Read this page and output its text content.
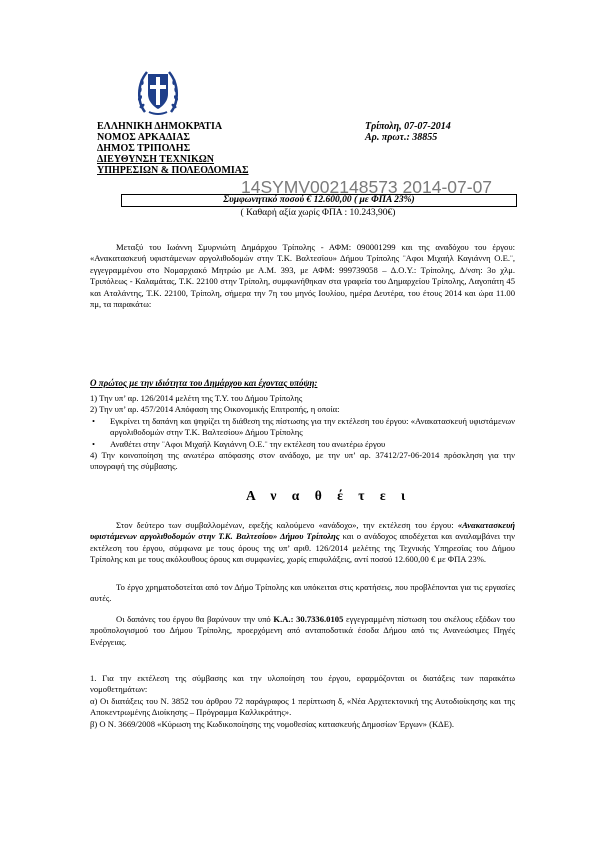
ΕΛΛΗΝΙΚΗ ΔΗΜΟΚΡΑΤΙΑ
ΝΟΜΟΣ ΑΡΚΑΔΙΑΣ
ΔΗΜΟΣ ΤΡΙΠΟΛΗΣ
ΔΙΕΥΘΥΝΣΗ ΤΕΧΝΙΚΩΝ
ΥΠΗΡΕΣΙΩΝ & ΠΟΛΕΟΔΟΜΙΑΣ
Τρίπολη, 07-07-2014
Αρ. πρωτ.: 38855
14SYMV002148573 2014-07-07
Συμφωνητικό ποσού € 12.600,00 ( με ΦΠΑ 23%)
( Καθαρή αξία χωρίς ΦΠΑ : 10.243,90€)
Μεταξύ του Ιωάννη Σμυρνιώτη Δημάρχου Τρίπολης - ΑΦΜ: 090001299 και της αναδόχου του έργου: «Ανακατασκευή υφιστάμενων αργολιθοδομών στην Τ.Κ. Βαλτεσίου» Δήμου Τρίπολης ¨Αφοι Μιχαήλ Καγιάννη Ο.Ε.¨, εγγεγραμμένου στο Νομαρχιακό Μητρώο με Α.Μ. 393, με ΑΦΜ: 999739058 – Δ.Ο.Υ.: Τρίπολης, Δ/νση: 3ο χλμ. Τριπόλεως - Καλαμάτας, Τ.Κ. 22100 στην Τρίπολη, συμφωνήθηκαν στα γραφεία του Δημαρχείου Τρίπολης, Λαγοπάτη 45 και Αταλάντης, Τ.Κ. 22100, Τρίπολη, σήμερα την 7η του μηνός Ιουλίου, ημέρα Δευτέρα, του έτους 2014 και ώρα 11.00 πμ, τα παρακάτω:
Ο πρώτος με την ιδιότητα του Δημάρχου και έχοντας υπόψη:
1) Την υπ’ αρ. 126/2014 μελέτη της Τ.Υ. του Δήμου Τρίπολης
2) Την υπ’ αρ. 457/2014 Απόφαση της Οικονομικής Επιτροπής, η οποία:
•	Εγκρίνει τη δαπάνη και ψηφίζει τη διάθεση της πίστωσης για την εκτέλεση του έργου: «Ανακατασκευή υφιστάμενων αργολιθοδομών στην Τ.Κ. Βαλτεσίου» Δήμου Τρίπολης
•	Αναθέτει στην ¨Αφοι Μιχαήλ Καγιάννη Ο.Ε.¨ την εκτέλεση του ανωτέρω έργου
4) Την κοινοποίηση της ανωτέρω απόφασης στον ανάδοχο, με την υπ’ αρ. 37412/27-06-2014 πρόσκληση για την υπογραφή της σύμβασης.
Α ν α θ έ τ ε ι
Στον δεύτερο των συμβαλλομένων, εφεξής καλούμενο «ανάδοχο», την εκτέλεση του έργου: «Ανακατασκευή υφιστάμενων αργολιθοδομών στην Τ.Κ. Βαλτεσίου» Δήμου Τρίπολης και ο ανάδοχος αποδέχεται και αναλαμβάνει την εκτέλεση του έργου, σύμφωνα με τους όρους της υπ’ αριθ. 126/2014 μελέτης της Τεχνικής Υπηρεσίας του Δήμου Τρίπολης και με τους ακόλουθους όρους και συμφωνίες, χωρίς επιφυλάξεις, αντί ποσού 12.600,00 € με ΦΠΑ 23%.
Το έργο χρηματοδοτείται από τον Δήμο Τρίπολης και υπόκειται στις κρατήσεις, που προβλέπονται για τις εργασίες αυτές.
Οι δαπάνες του έργου θα βαρύνουν την υπό Κ.Α.: 30.7336.0105 εγγεγραμμένη πίστωση του σκέλους εξόδων του προϋπολογισμού του Δήμου Τρίπολης, προερχόμενη από ανταποδοτικά έσοδα Δήμου από τις Ανανεώσιμες Πηγές Ενέργειας.
1. Για την εκτέλεση της σύμβασης και την υλοποίηση του έργου, εφαρμόζονται οι διατάξεις των παρακάτω νομοθετημάτων:
α) Οι διατάξεις του Ν. 3852 του άρθρου 72 παράγραφος 1 περίπτωση δ, «Νέα Αρχιτεκτονική της Αυτοδιοίκησης και της Αποκεντρωμένης Διοίκησης – Πρόγραμμα Καλλικράτης».
β) Ο Ν. 3669/2008 «Κύρωση της Κωδικοποίησης της νομοθεσίας κατασκευής Δημοσίων Έργων» (ΚΔΕ).
